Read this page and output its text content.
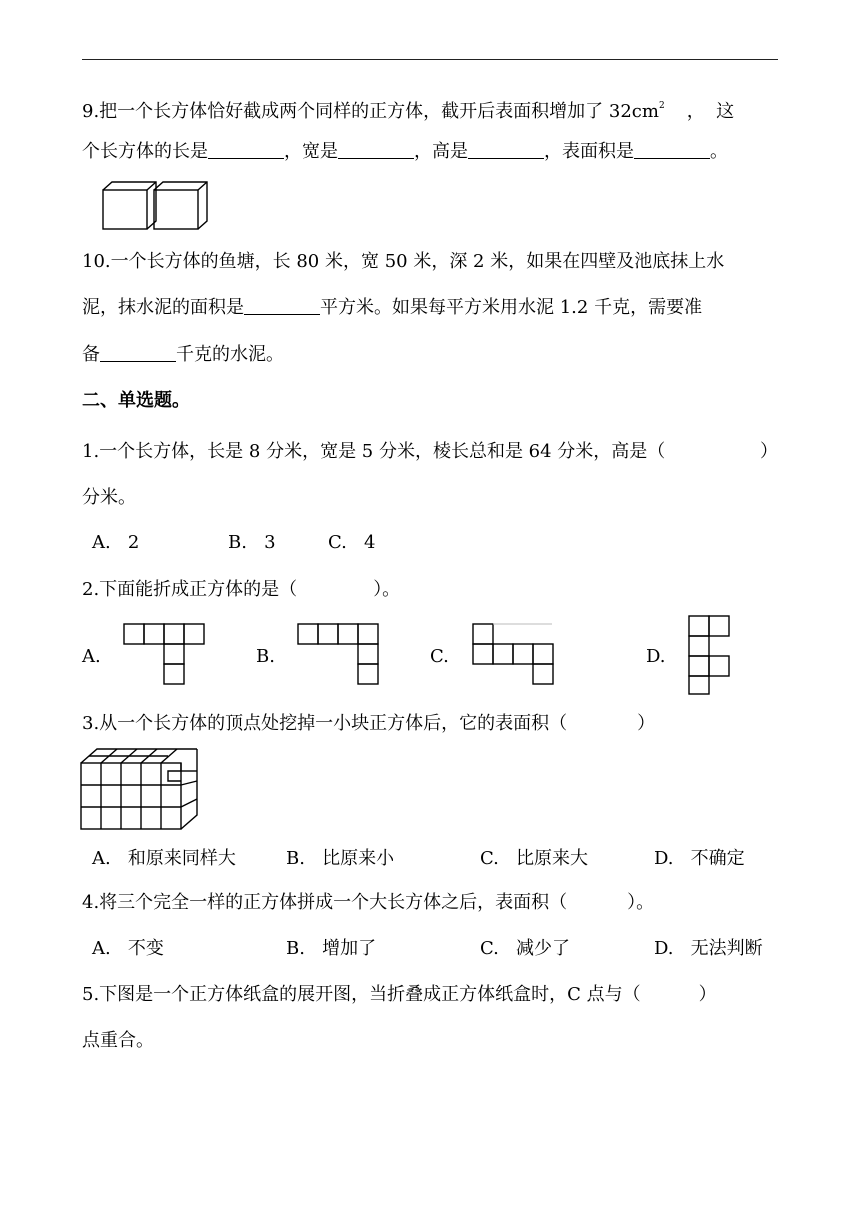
9.把一个长方体恰好截成两个同样的正方体，截开后表面积增加了 $32cm^2$ ，  这
个长方体的长是	，宽是	，高是	，表面积是	。
10.一个长方体的鱼塘，长 80 米，宽 50 米，深 2 米，如果在四壁及池底抹上水
泥，抹水泥的面积是	平方米。如果每平方米用水泥 1.2 千克，需要准
备	千克的水泥。
二、单选题。
1.一个长方体，长是 8 分米，宽是 5 分米，棱长总和是 64 分米，高是（	）
分米。
A.   2	B.   3	C.   4
2.下面能折成正方体的是（	）。
A.	B.	C.	D.
3.从一个长方体的顶点处挖掉一小块正方体后，它的表面积（	）
A.   和原来同样大	B.   比原来小	C.   比原来大	D.   不确定
4.将三个完全一样的正方体拼成一个大长方体之后，表面积（	）。
A.   不变	B.   增加了	C.   减少了	D.   无法判断
5.下图是一个正方体纸盒的展开图，当折叠成正方体纸盒时，C 点与（	）
点重合。
